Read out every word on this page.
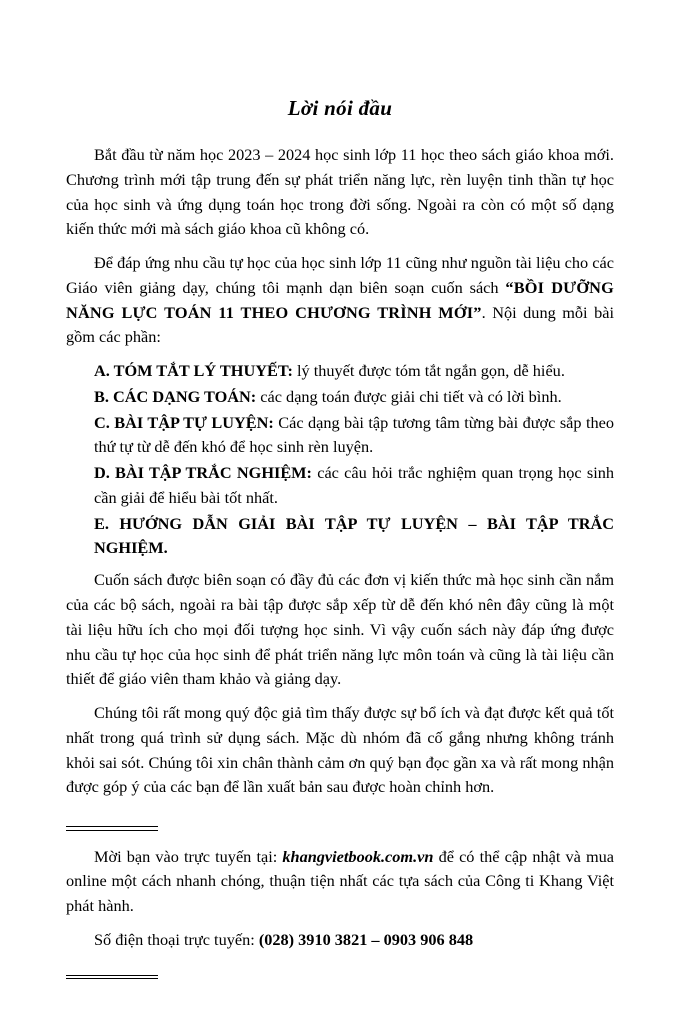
Lời nói đầu

Bắt đầu từ năm học 2023 – 2024 học sinh lớp 11 học theo sách giáo khoa mới. Chương trình mới tập trung đến sự phát triển năng lực, rèn luyện tinh thần tự học của học sinh và ứng dụng toán học trong đời sống. Ngoài ra còn có một số dạng kiến thức mới mà sách giáo khoa cũ không có.

Để đáp ứng nhu cầu tự học của học sinh lớp 11 cũng như nguồn tài liệu cho các Giáo viên giảng dạy, chúng tôi mạnh dạn biên soạn cuốn sách “BỒI DƯỠNG NĂNG LỰC TOÁN 11 THEO CHƯƠNG TRÌNH MỚI”. Nội dung mỗi bài gồm các phần:

A. TÓM TẮT LÝ THUYẾT: lý thuyết được tóm tắt ngắn gọn, dễ hiểu.
B. CÁC DẠNG TOÁN: các dạng toán được giải chi tiết và có lời bình.
C. BÀI TẬP TỰ LUYỆN: Các dạng bài tập tương tâm từng bài được sắp theo thứ tự từ dễ đến khó để học sinh rèn luyện.
D. BÀI TẬP TRẮC NGHIỆM: các câu hỏi trắc nghiệm quan trọng học sinh cần giải để hiểu bài tốt nhất.
E. HƯỚNG DẪN GIẢI BÀI TẬP TỰ LUYỆN – BÀI TẬP TRẮC NGHIỆM.

Cuốn sách được biên soạn có đầy đủ các đơn vị kiến thức mà học sinh cần nắm của các bộ sách, ngoài ra bài tập được sắp xếp từ dễ đến khó nên đây cũng là một tài liệu hữu ích cho mọi đối tượng học sinh. Vì vậy cuốn sách này đáp ứng được nhu cầu tự học của học sinh để phát triển năng lực môn toán và cũng là tài liệu cần thiết để giáo viên tham khảo và giảng dạy.

Chúng tôi rất mong quý độc giả tìm thấy được sự bổ ích và đạt được kết quả tốt nhất trong quá trình sử dụng sách. Mặc dù nhóm đã cố gắng nhưng không tránh khỏi sai sót. Chúng tôi xin chân thành cảm ơn quý bạn đọc gần xa và rất mong nhận được góp ý của các bạn để lần xuất bản sau được hoàn chỉnh hơn.

Mời bạn vào trực tuyến tại: khangvietbook.com.vn để có thể cập nhật và mua online một cách nhanh chóng, thuận tiện nhất các tựa sách của Công ti Khang Việt phát hành.

Số điện thoại trực tuyến: (028) 3910 3821 – 0903 906 848
